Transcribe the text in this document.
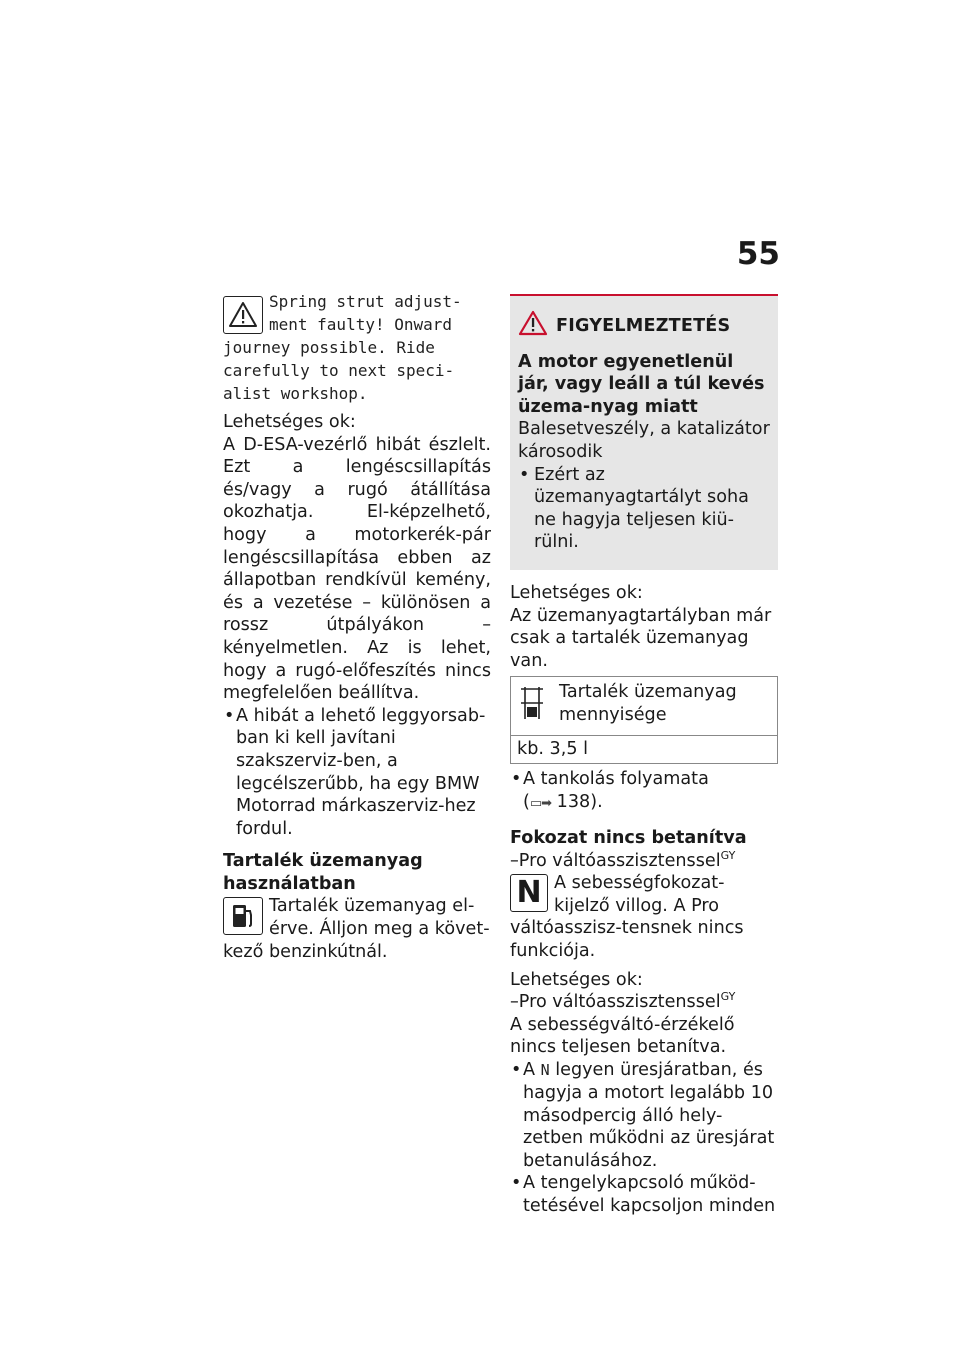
55
Spring strut adjust-ment faulty! Onward journey possible. Ride carefully to next speci-alist workshop.

Lehetséges ok:

A D-ESA-vezérlő hibát észlelt. Ezt a lengéscsillapítás és/vagy a rugó átállítása okozhatja. El-képzelhető, hogy a motorkerék-pár lengéscsillapítása ebben az állapotban rendkívül kemény, és a vezetése – különösen a rossz útpályákon – kényelmetlen. Az is lehet, hogy a rugó-előfeszítés nincs megfelelően beállítva.

• A hibát a lehető leggyorsab-ban ki kell javítani szakszerviz-ben, a legcélszerűbb, ha egy BMW Motorrad márkaszerviz-hez fordul.

Tartalék üzemanyag használatban

Tartalék üzemanyag el-érve. Álljon meg a követ-kező benzinkútnál.
FIGYELMEZTETÉS

A motor egyenetlenül jár, vagy leáll a túl kevés üzema-nyag miatt

Balesetveszély, a katalizátor károsodik

• Ezért az üzemanyagtartályt soha ne hagyja teljesen kiü-rülni.

Lehetséges ok:

Az üzemanyagtartályban már csak a tartalék üzemanyag van.

Tartalék üzemanyag mennyisége
kb. 3,5 l
• A tankolás folyamata
(▭➡ 138).

Fokozat nincs betanítva

–Pro váltóasszisztenssel$^{GY}$

N A sebességfokozat-kijelző villog. A Pro váltóasszisz-tensnek nincs funkciója.

Lehetséges ok:

–Pro váltóasszisztenssel$^{GY}$

A sebességváltó-érzékelő nincs teljesen betanítva.

• A N legyen üresjáratban, és hagyja a motort legalább 10 másodpercig álló hely-zetben működni az üresjárat betanulásához.
• A tengelykapcsoló működ-tetésével kapcsoljon minden
